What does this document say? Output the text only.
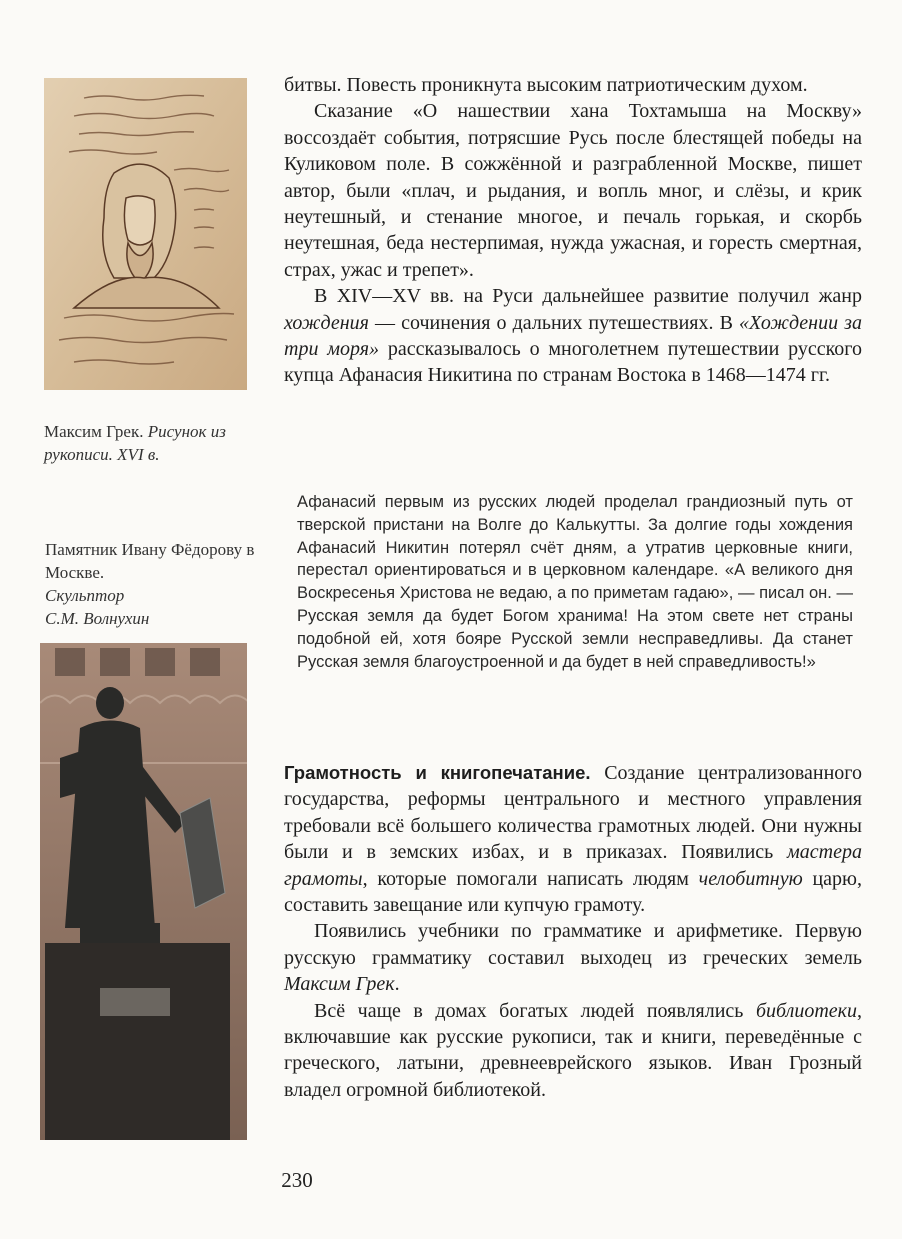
Максим Грек. Рисунок из рукописи. XVI в.
Памятник Ивану Фёдорову в Москве.
Скульптор
С.М. Волнухин

битвы. Повесть проникнута высоким патриотическим духом.

Сказание «О нашествии хана Тохтамыша на Москву» воссоздаёт события, потрясшие Русь после блестящей победы на Куликовом поле. В сожжённой и разграбленной Москве, пишет автор, были «плач, и рыдания, и вопль мног, и слёзы, и крик неутешный, и стенание многое, и печаль горькая, и скорбь неутешная, беда нестерпимая, нужда ужасная, и горесть смертная, страх, ужас и трепет».

В XIV—XV вв. на Руси дальнейшее развитие получил жанр хождения — сочинения о дальних путешествиях. В «Хождении за три моря» рассказывалось о многолетнем путешествии русского купца Афанасия Никитина по странам Востока в 1468—1474 гг.

Афанасий первым из русских людей проделал грандиозный путь от тверской пристани на Волге до Калькутты. За долгие годы хождения Афанасий Никитин потерял счёт дням, а утратив церковные книги, перестал ориентироваться и в церковном календаре. «А великого дня Воскресенья Христова не ведаю, а по приметам гадаю», — писал он. — Русская земля да будет Богом хранима! На этом свете нет страны подобной ей, хотя бояре Русской земли несправедливы. Да станет Русская земля благоустроенной и да будет в ней справедливость!»

Грамотность и книгопечатание. Создание централизованного государства, реформы центрального и местного управления требовали всё большего количества грамотных людей. Они нужны были и в земских избах, и в приказах. Появились мастера грамоты, которые помогали написать людям челобитную царю, составить завещание или купчую грамоту.

Появились учебники по грамматике и арифметике. Первую русскую грамматику составил выходец из греческих земель Максим Грек.

Всё чаще в домах богатых людей появлялись библиотеки, включавшие как русские рукописи, так и книги, переведённые с греческого, латыни, древнееврейского языков. Иван Грозный владел огромной библиотекой.

230
